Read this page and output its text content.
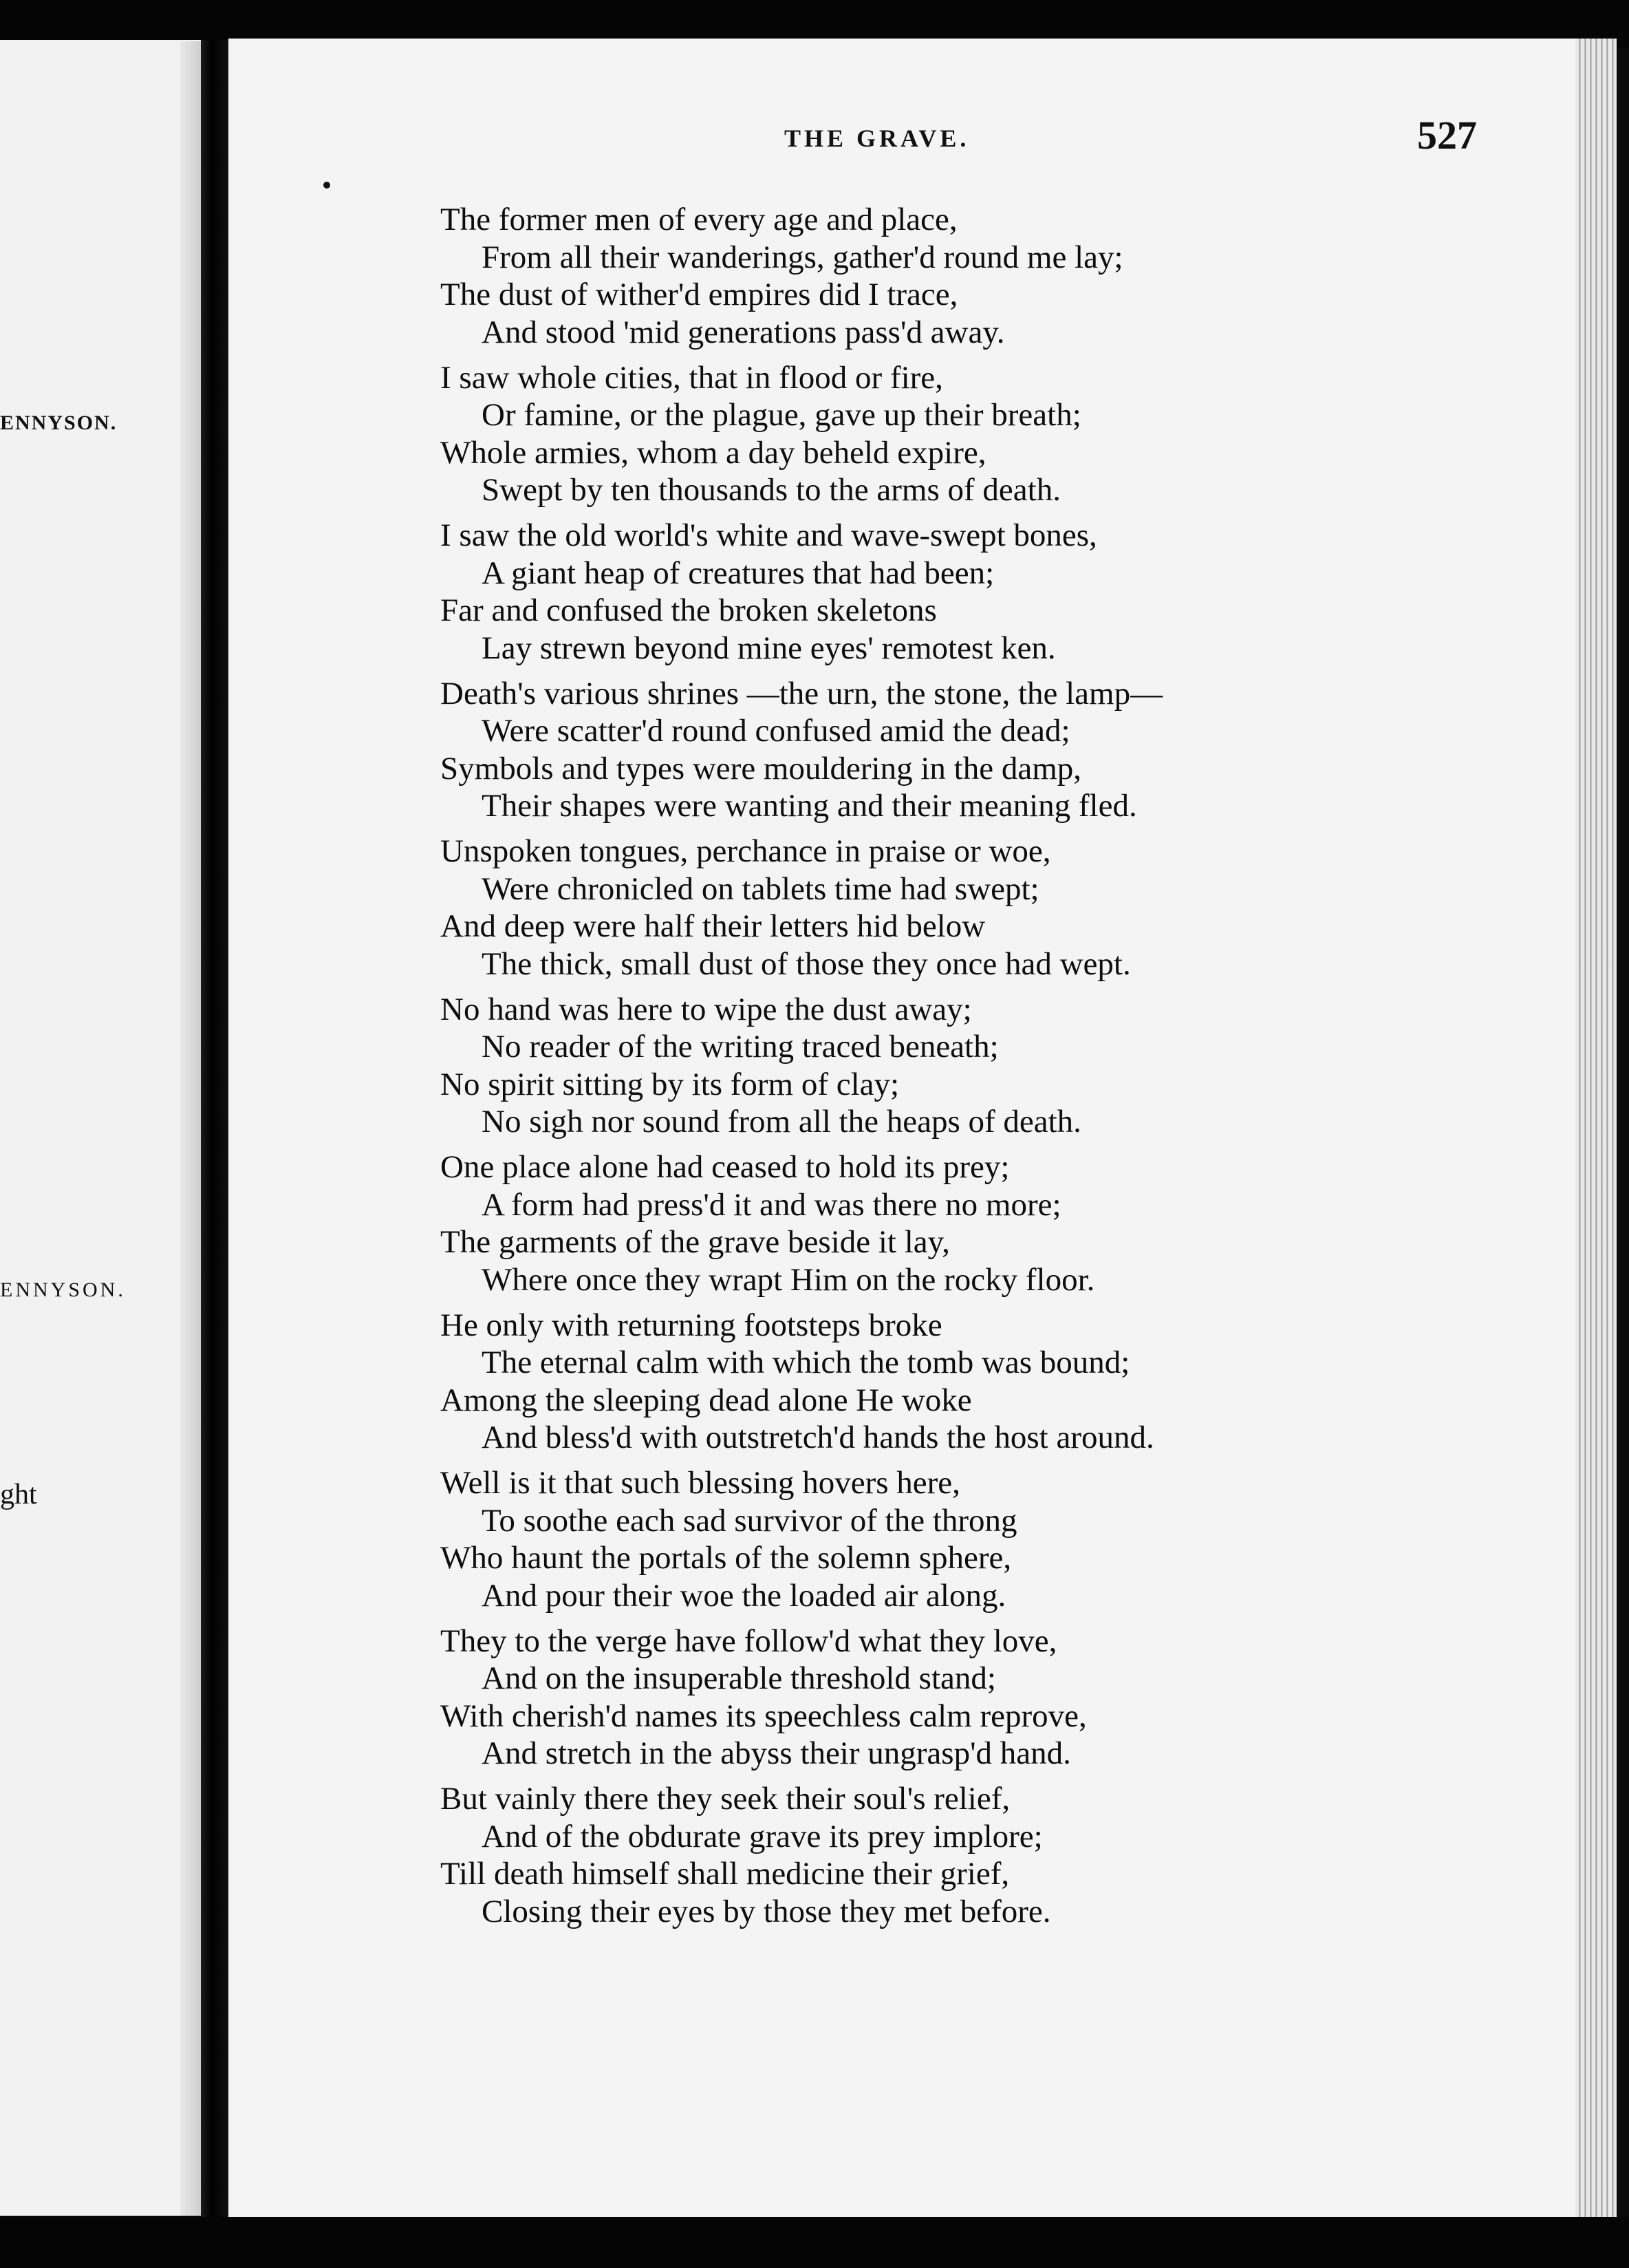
ENNYSON.
ENNYSON.
ght
THE GRAVE.	527
The former men of every age and place,
From all their wanderings, gather'd round me lay;
The dust of wither'd empires did I trace,
And stood 'mid generations pass'd away.
I saw whole cities, that in flood or fire,
Or famine, or the plague, gave up their breath;
Whole armies, whom a day beheld expire,
Swept by ten thousands to the arms of death.
I saw the old world's white and wave-swept bones,
A giant heap of creatures that had been;
Far and confused the broken skeletons
Lay strewn beyond mine eyes' remotest ken.
Death's various shrines —the urn, the stone, the lamp—
Were scatter'd round confused amid the dead;
Symbols and types were mouldering in the damp,
Their shapes were wanting and their meaning fled.
Unspoken tongues, perchance in praise or woe,
Were chronicled on tablets time had swept;
And deep were half their letters hid below
The thick, small dust of those they once had wept.
No hand was here to wipe the dust away;
No reader of the writing traced beneath;
No spirit sitting by its form of clay;
No sigh nor sound from all the heaps of death.
One place alone had ceased to hold its prey;
A form had press'd it and was there no more;
The garments of the grave beside it lay,
Where once they wrapt Him on the rocky floor.
He only with returning footsteps broke
The eternal calm with which the tomb was bound;
Among the sleeping dead alone He woke
And bless'd with outstretch'd hands the host around.
Well is it that such blessing hovers here,
To soothe each sad survivor of the throng
Who haunt the portals of the solemn sphere,
And pour their woe the loaded air along.
They to the verge have follow'd what they love,
And on the insuperable threshold stand;
With cherish'd names its speechless calm reprove,
And stretch in the abyss their ungrasp'd hand.
But vainly there they seek their soul's relief,
And of the obdurate grave its prey implore;
Till death himself shall medicine their grief,
Closing their eyes by those they met before.
